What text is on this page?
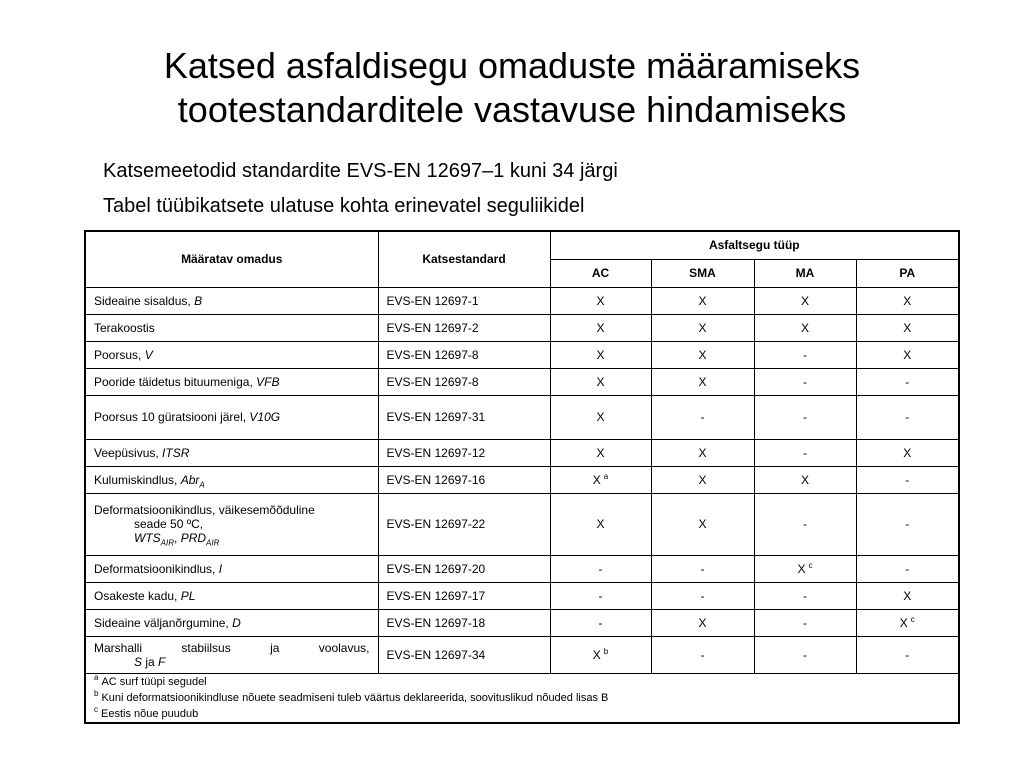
Katsed asfaldisegu omaduste määramiseks
tootestandarditele vastavuse hindamiseks
Katsemeetodid standardite EVS-EN 12697–1 kuni 34 järgi
Tabel tüübikatsete ulatuse kohta erinevatel seguliikidel
Määratav omadus	Katsestandard	Asfaltsegu tüüp			
		AC	SMA	MA	PA
Sideaine sisaldus, B	EVS-EN 12697-1	X	X	X	X
Terakoostis	EVS-EN 12697-2	X	X	X	X
Poorsus, V	EVS-EN 12697-8	X	X	-	X
Pooride täidetus bituumeniga, VFB	EVS-EN 12697-8	X	X	-	-
Poorsus 10 güratsiooni järel, V10G	EVS-EN 12697-31	X	-	-	-
Veepüsivus, ITSR	EVS-EN 12697-12	X	X	-	X
Kulumiskindlus, Abr$_A$	EVS-EN 12697-16	X $^a$	X	X	-

Deformatsioonikindlus, väikesemõõduline
seade 50 ºC,
$WTS_{AIR}$, $PRD_{AIR}$	EVS-EN 12697-22	X	X	-	-
Deformatsioonikindlus, I	EVS-EN 12697-20	-	-	X $^c$	-
Osakeste kadu, PL	EVS-EN 12697-17	-	-	-	X
Sideaine väljanõrgumine, D	EVS-EN 12697-18	-	X	-	X $^c$

Marshalli stabiilsus ja voolavus,
S ja F	EVS-EN 12697-34	X $^b$	-	-	-

$^a$ AC surf tüüpi segudel
$^b$ Kuni deformatsioonikindluse nõuete seadmiseni tuleb väärtus deklareerida, soovituslikud nõuded lisas B
$^c$ Eestis nõue puudub					
